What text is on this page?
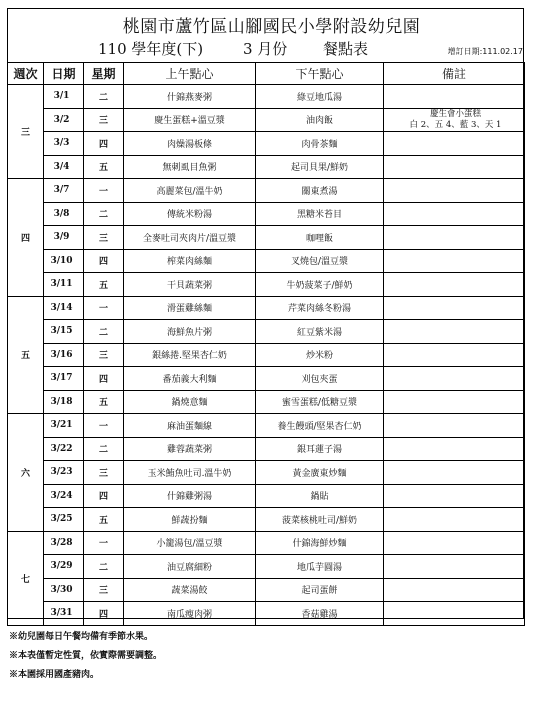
桃園市蘆竹區山腳國民小學附設幼兒園
110 學年度(下)	3 月份 餐點表	增訂日期:111.02.17
週次	日期	星期	上午點心	下午點心	備註
三	3/1	二	什錦燕麥粥	綠豆地瓜湯	
	3/2	三	慶生蛋糕+溫豆漿	油肉飯	慶生會小蛋糕
白 2、五 4、藍 3、天 1

	3/3	四	肉燥湯板條	肉骨茶麵	
	3/4	五	無刺虱目魚粥	起司貝果/鮮奶	
四	3/7	一	高麗菜包/溫牛奶	關東煮湯	
	3/8	二	傳統米粉湯	黑糖米苔目	
	3/9	三	全麥吐司夾肉片/溫豆漿	咖哩飯	
	3/10	四	榨菜肉絲麵	叉燒包/溫豆漿	
	3/11	五	干貝蔬菜粥	牛奶菠菜子/鮮奶	
五	3/14	一	滑蛋雞絲麵	芹菜肉絲冬粉湯	
	3/15	二	海鮮魚片粥	紅豆紫米湯	
	3/16	三	銀絲捲.堅果杏仁奶	炒米粉	
	3/17	四	番茄義大利麵	刈包夾蛋	
	3/18	五	鍋燒意麵	蜜雪蛋糕/低糖豆漿	
六	3/21	一	麻油蛋麵線	養生饅頭/堅果杏仁奶	
	3/22	二	雞蓉蔬菜粥	銀耳蓮子湯	
	3/23	三	玉米鮪魚吐司.溫牛奶	黃金廣東炒麵	
	3/24	四	什錦雞粥湯	鍋貼	
	3/25	五	鮮蔬扮麵	菠菜核桃吐司/鮮奶	
七	3/28	一	小籠湯包/溫豆漿	什錦海鮮炒麵	
	3/29	二	油豆腐細粉	地瓜芋圓湯	
	3/30	三	蔬菜湯餃	起司蛋餅	
	3/31	四	南瓜瘦肉粥	香菇雞湯	
※幼兒園每日午餐均備有季節水果。
※本表僅暫定性質，依實際需要調整。
※本園採用國產豬肉。
